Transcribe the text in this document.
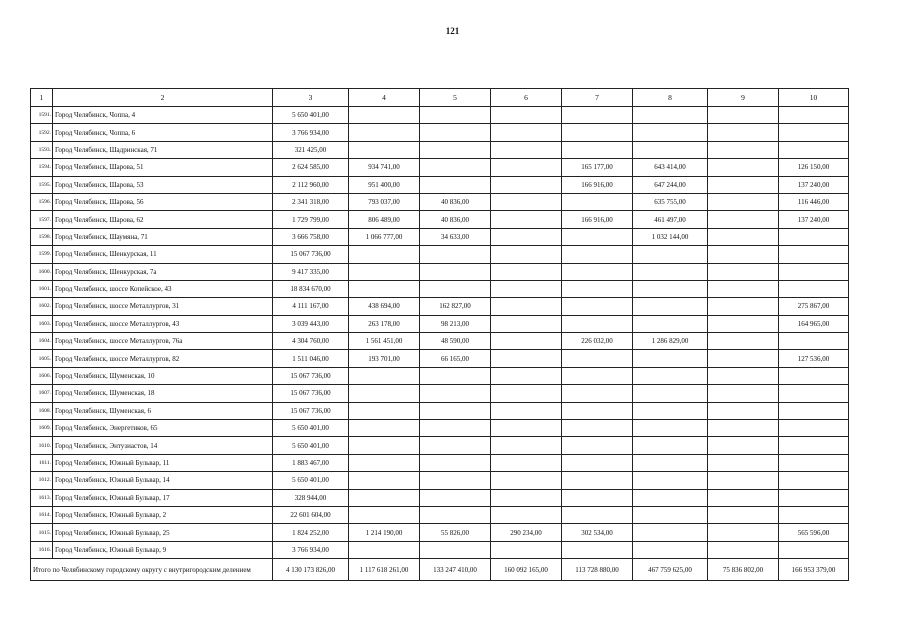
121
1	2	3	4	5	6	7	8	9	10
1591.	Город Челябинск, Чоппа, 4	5 650 401,00							
1592.	Город Челябинск, Чоппа, 6	3 766 934,00							
1593.	Город Челябинск, Шадринская, 71	321 425,00							
1594.	Город Челябинск, Шарова, 51	2 624 585,00	934 741,00			165 177,00	643 414,00		126 150,00
1595.	Город Челябинск, Шарова, 53	2 112 960,00	951 400,00			166 916,00	647 244,00		137 240,00
1596.	Город Челябинск, Шарова, 56	2 341 318,00	793 037,00	40 836,00			635 755,00		116 446,00
1597.	Город Челябинск, Шарова, 62	1 729 799,00	806 489,00	40 836,00		166 916,00	461 497,00		137 240,00
1598.	Город Челябинск, Шаумяна, 71	3 666 758,00	1 066 777,00	34 633,00			1 032 144,00		
1599.	Город Челябинск, Шенкурская, 11	15 067 736,00							
1600.	Город Челябинск, Шенкурская, 7а	9 417 335,00							
1601.	Город Челябинск, шоссе Копейское, 43	18 834 670,00							
1602.	Город Челябинск, шоссе Металлургов, 31	4 111 167,00	438 694,00	162 827,00					275 867,00
1603.	Город Челябинск, шоссе Металлургов, 43	3 039 443,00	263 178,00	98 213,00					164 965,00
1604.	Город Челябинск, шоссе Металлургов, 76а	4 304 760,00	1 561 451,00	48 590,00		226 032,00	1 286 829,00		
1605.	Город Челябинск, шоссе Металлургов, 82	1 511 046,00	193 701,00	66 165,00					127 536,00
1606.	Город Челябинск, Шуменская, 10	15 067 736,00							
1607.	Город Челябинск, Шуменская, 18	15 067 736,00							
1608.	Город Челябинск, Шуменская, 6	15 067 736,00							
1609.	Город Челябинск, Энергетиков, 65	5 650 401,00							
1610.	Город Челябинск, Энтузиастов, 14	5 650 401,00							
1611.	Город Челябинск, Южный Бульвар, 11	1 883 467,00							
1612.	Город Челябинск, Южный Бульвар, 14	5 650 401,00							
1613.	Город Челябинск, Южный Бульвар, 17	328 944,00							
1614.	Город Челябинск, Южный Бульвар, 2	22 601 604,00							
1615.	Город Челябинск, Южный Бульвар, 25	1 824 252,00	1 214 190,00	55 826,00	290 234,00	302 534,00			565 596,00
1616.	Город Челябинск, Южный Бульвар, 9	3 766 934,00							
Итого по Челябинскому городскому округу с внутригородским делением		4 130 173 826,00	1 117 618 261,00	133 247 410,00	160 092 165,00	113 728 880,00	467 759 625,00	75 836 802,00	166 953 379,00
